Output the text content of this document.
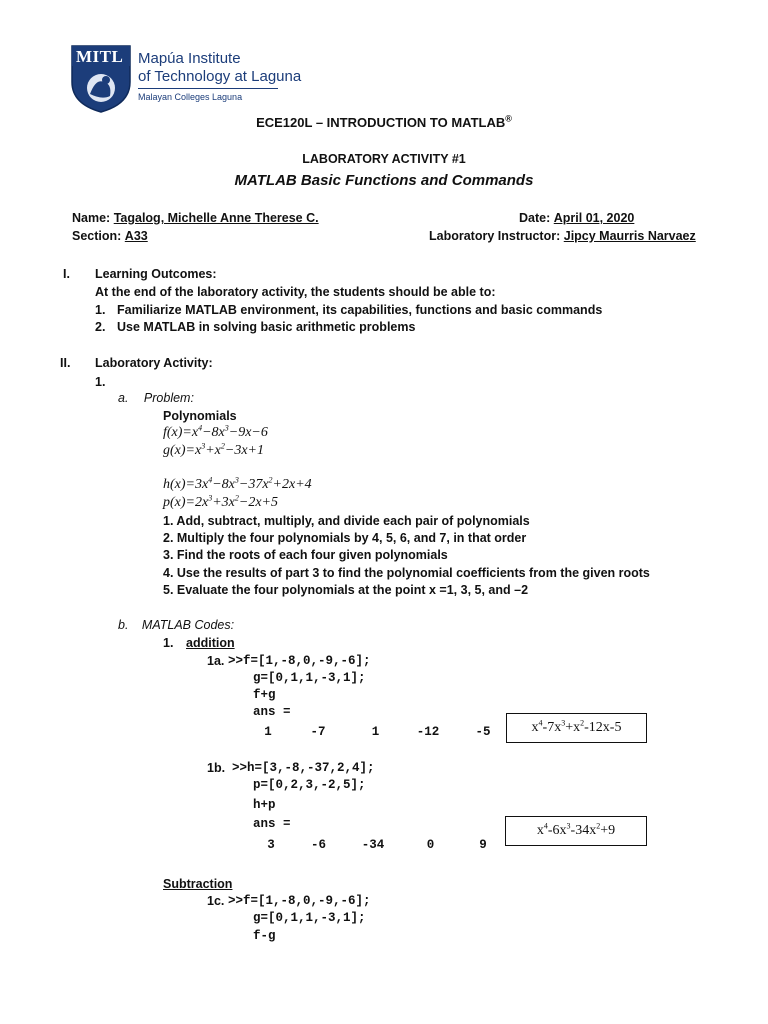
MITL Mapúa Institute
of Technology at Laguna
Malayan Colleges Laguna
ECE120L – INTRODUCTION TO MATLAB®
LABORATORY ACTIVITY #1
MATLAB Basic Functions and Commands
Name: Tagalog, Michelle Anne Therese C.	Date: April 01, 2020
Section: A33	Laboratory Instructor: Jipcy Maurris Narvaez
I. Learning Outcomes:
At the end of the laboratory activity, the students should be able to:
1. Familiarize MATLAB environment, its capabilities, functions and basic commands
2. Use MATLAB in solving basic arithmetic problems
II. Laboratory Activity:
1.
a. Problem:
Polynomials
$f(x)=x^4-8x^3-9x-6$
$g(x)=x^3+x^2-3x+1$
$h(x)=3x^4-8x^3-37x^2+2x+4$
$p(x)=2x^3+3x^2-2x+5$
1. Add, subtract, multiply, and divide each pair of polynomials
2. Multiply the four polynomials by 4, 5, 6, and 7, in that order
3. Find the roots of each four given polynomials
4. Use the results of part 3 to find the polynomial coefficients from the given roots
5. Evaluate the four polynomials at the point x =1, 3, 5, and –2
b. MATLAB Codes:
1. addition
1a. >>f=[1,-8,0,-9,-6];
g=[0,1,1,-3,1];
f+g
ans =
1	-7	1	-12	-5	$x^4-7x^3+x^2-12x-5$
1b. >>h=[3,-8,-37,2,4];
p=[0,2,3,-2,5];
h+p
ans =
3	-6	-34	0	9
$x^4-6x^3-34x^2+9$
Subtraction
1c. >>f=[1,-8,0,-9,-6];
g=[0,1,1,-3,1];
f-g
